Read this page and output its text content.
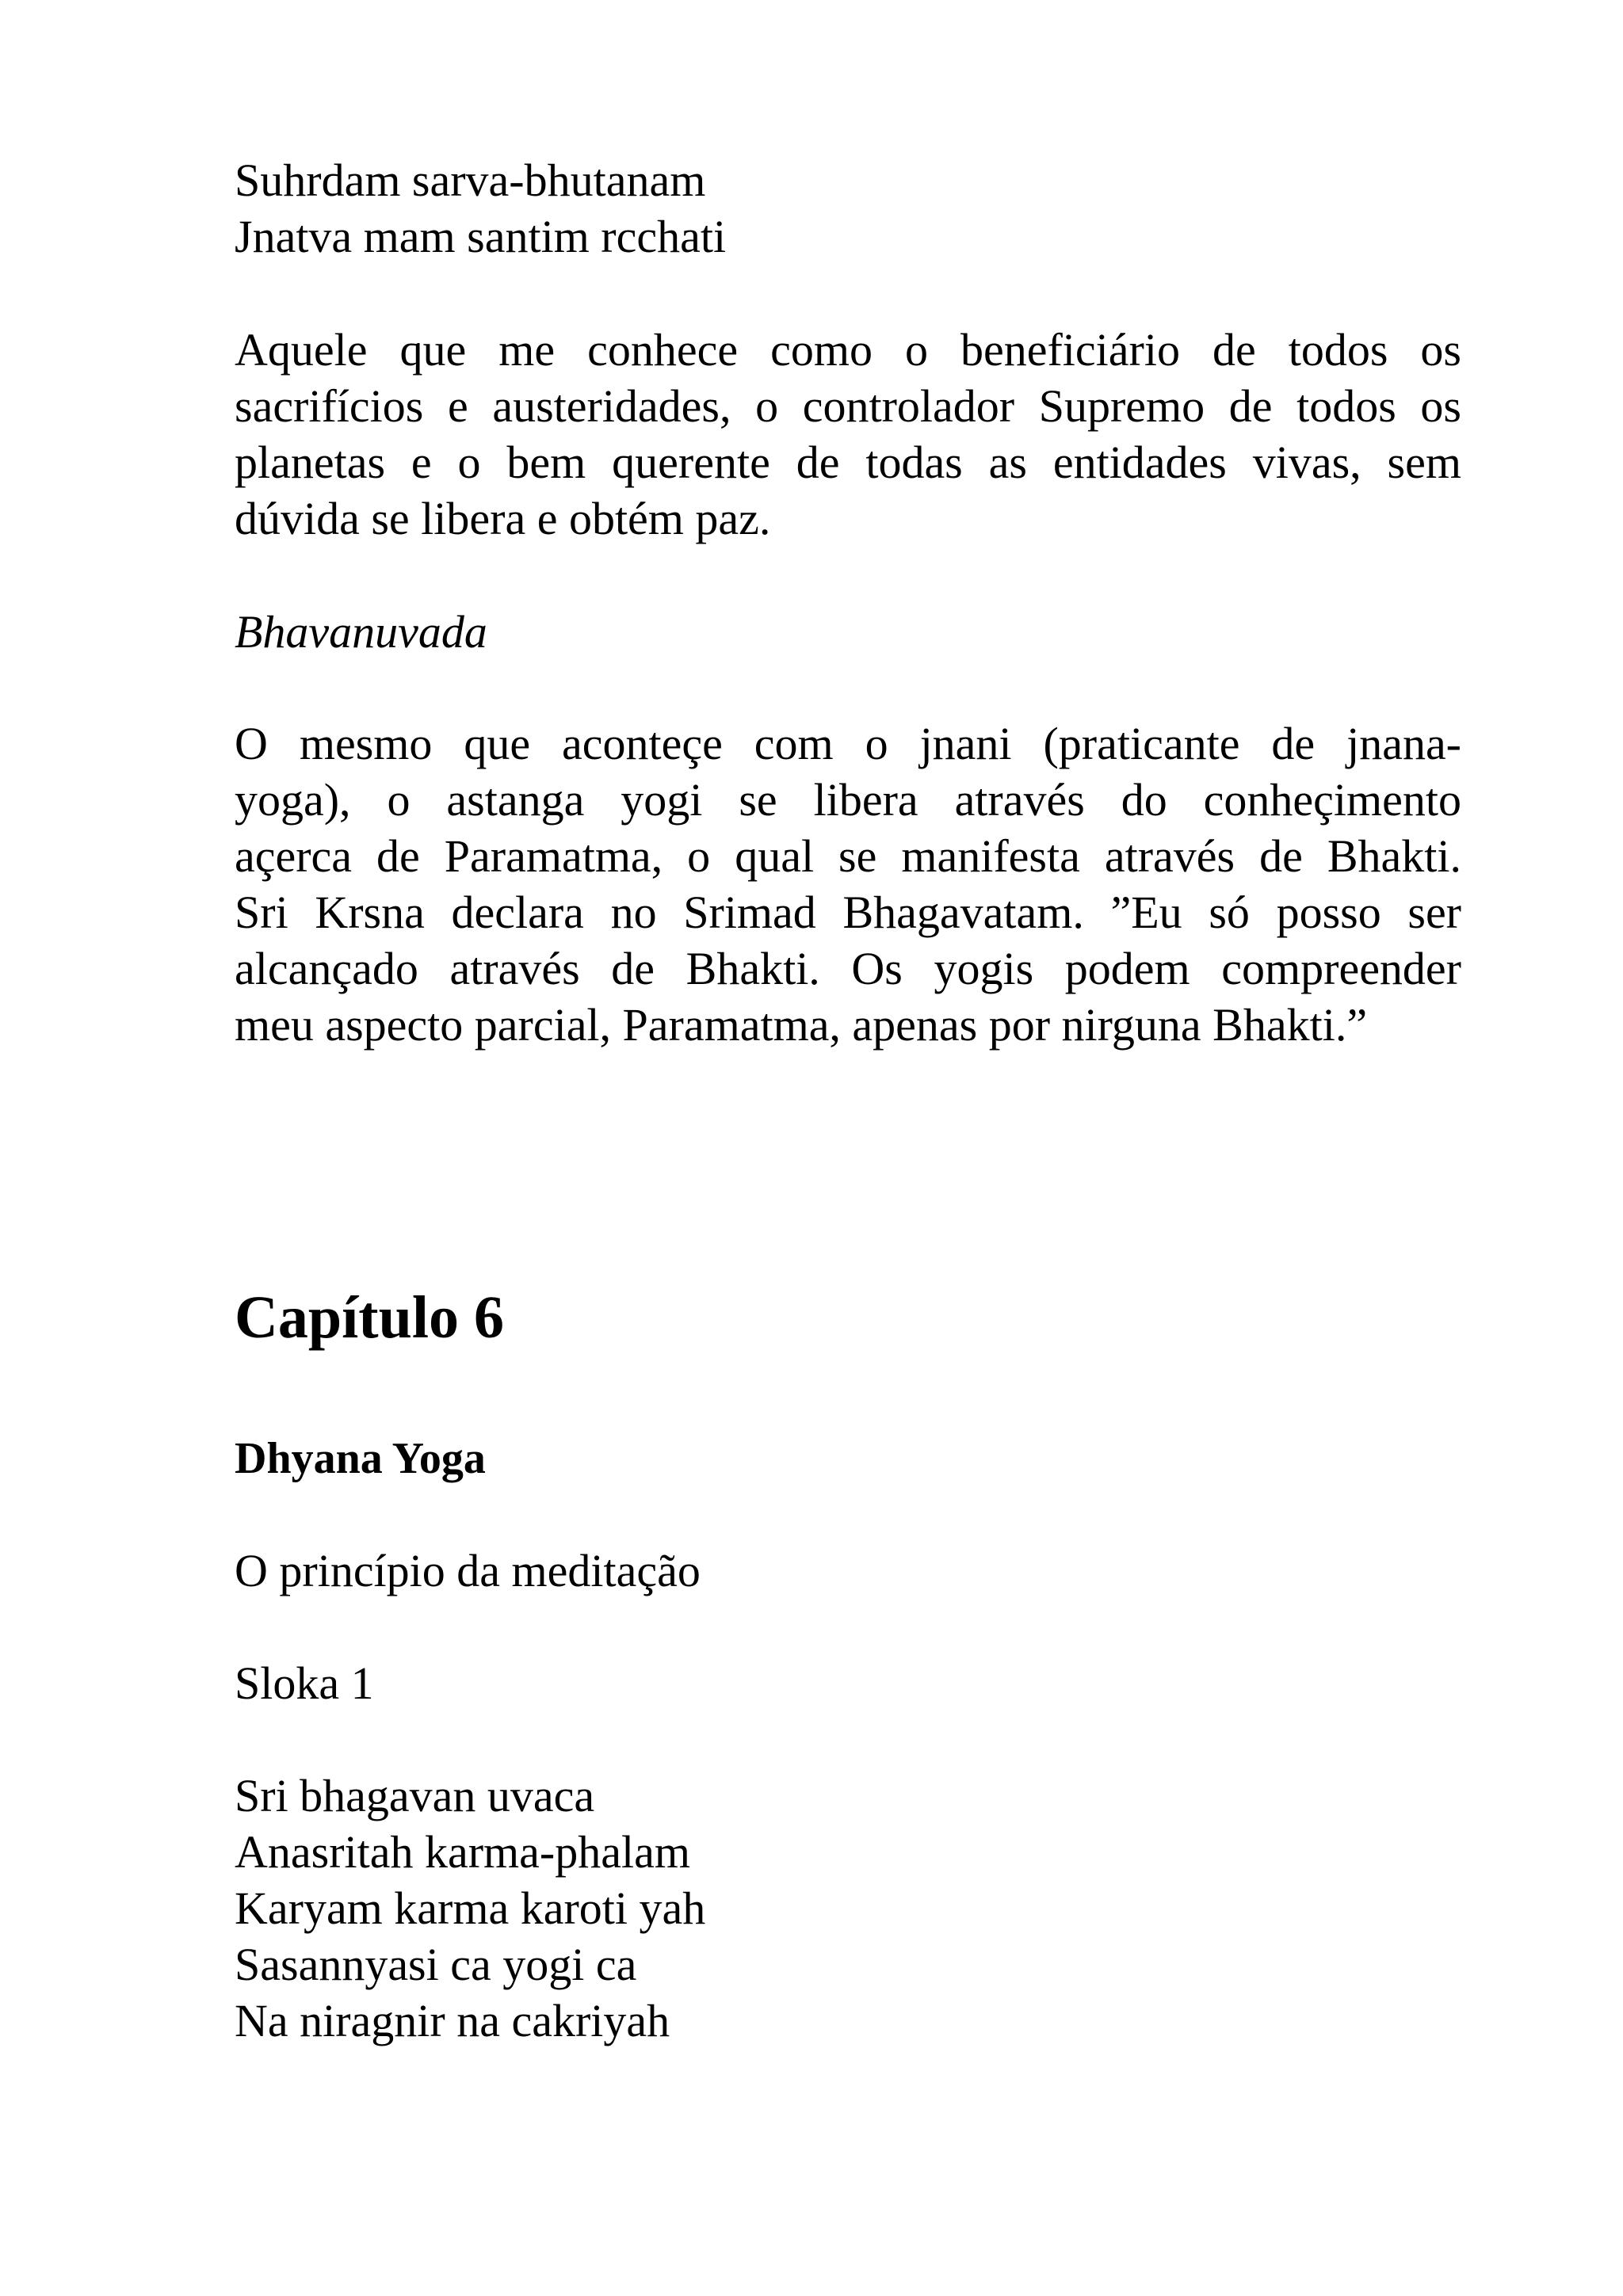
Suhrdam sarva-bhutanam
Jnatva mam santim rcchati
Aquele que me conhece como o beneficiário de todos os
sacrifícios e austeridades, o controlador Supremo de todos os
planetas e o bem querente de todas as entidades vivas, sem
dúvida se libera e obtém paz.

Bhavanuvada

O mesmo que aconteçe com o jnani (praticante de jnana-
yoga), o astanga yogi se libera através do conheçimento
açerca de Paramatma, o qual se manifesta através de Bhakti.
Sri Krsna declara no Srimad Bhagavatam. ”Eu só posso ser
alcançado através de Bhakti. Os yogis podem compreender
meu aspecto parcial, Paramatma, apenas por nirguna Bhakti.”
Capítulo 6
Dhyana Yoga

O princípio da meditação

Sloka 1

Sri bhagavan uvaca
Anasritah karma-phalam
Karyam karma karoti yah
Sasannyasi ca yogi ca
Na niragnir na cakriyah
